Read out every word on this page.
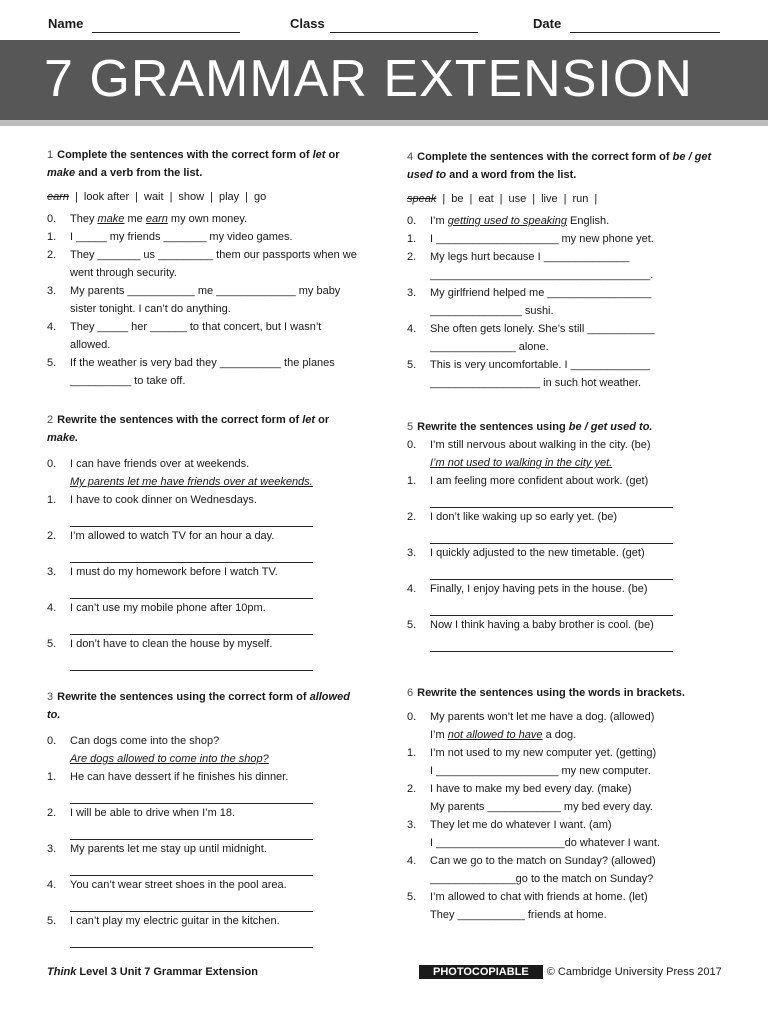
Name	Class	Date
7 GRAMMAR EXTENSION

1 Complete the sentences with the correct form of let or make and a verb from the list.

earn | look after | wait | show | play | go
0. They make me earn my own money.
1. I _____ my friends _______ my video games.
2. They _______ us _________ them our passports when we went through security.
3. My parents ___________ me _____________ my baby sister tonight. I can’t do anything.
4. They _____ her ______ to that concert, but I wasn’t allowed.
5. If the weather is very bad they __________ the planes __________ to take off.

2 Rewrite the sentences with the correct form of let or make.

0. I can have friends over at weekends.
My parents let me have friends over at weekends.
1. I have to cook dinner on Wednesdays.
2. I’m allowed to watch TV for an hour a day.
3. I must do my homework before I watch TV.
4. I can’t use my mobile phone after 10pm.
5. I don’t have to clean the house by myself.

3 Rewrite the sentences using the correct form of allowed to.

0. Can dogs come into the shop?
Are dogs allowed to come into the shop?
1. He can have dessert if he finishes his dinner.
2. I will be able to drive when I’m 18.
3. My parents let me stay up until midnight.
4. You can’t wear street shoes in the pool area.
5. I can’t play my electric guitar in the kitchen.

4 Complete the sentences with the correct form of be / get used to and a word from the list.

speak | be | eat | use | live | run |
0. I’m getting used to speaking English.
1. I ____________________ my new phone yet.
2. My legs hurt because I ______________ ____________________________________.
3. My girlfriend helped me _________________ _______________ sushi.
4. She often gets lonely. She’s still ___________ ______________ alone.
5. This is very uncomfortable. I _____________ __________________ in such hot weather.

5 Rewrite the sentences using be / get used to.

0. I’m still nervous about walking in the city. (be)
I’m not used to walking in the city yet.
1. I am feeling more confident about work. (get)
2. I don’t like waking up so early yet. (be)
3. I quickly adjusted to the new timetable. (get)
4. Finally, I enjoy having pets in the house. (be)
5. Now I think having a baby brother is cool. (be)

6 Rewrite the sentences using the words in brackets.

0. My parents won’t let me have a dog. (allowed)
I’m not allowed to have a dog.
1. I’m not used to my new computer yet. (getting)
I ____________________ my new computer.
2. I have to make my bed every day. (make)
My parents ____________ my bed every day.
3. They let me do whatever I want. (am)
I _____________________do whatever I want.
4. Can we go to the match on Sunday? (allowed)
______________go to the match on Sunday?
5. I’m allowed to chat with friends at home. (let)
They ___________ friends at home.
Think Level 3 Unit 7 Grammar Extension	PHOTOCOPIABLE © Cambridge University Press 2017
